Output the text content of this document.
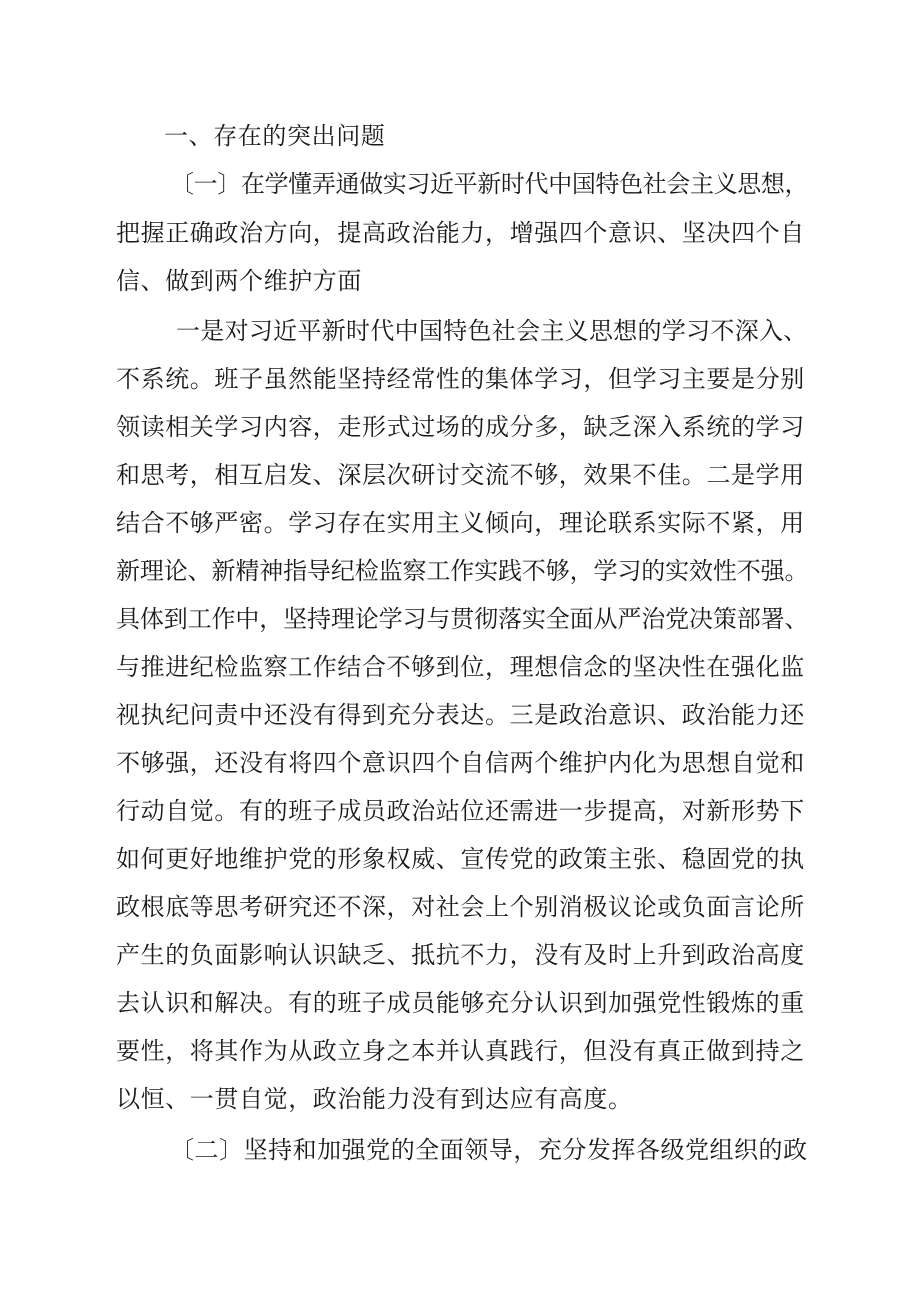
一、存在的突出问题

〔一〕在学懂弄通做实习近平新时代中国特色社会主义思想，

把握正确政治方向，提高政治能力，增强四个意识、坚决四个自

信、做到两个维护方面

一是对习近平新时代中国特色社会主义思想的学习不深入、

不系统。班子虽然能坚持经常性的集体学习，但学习主要是分别

领读相关学习内容，走形式过场的成分多，缺乏深入系统的学习

和思考，相互启发、深层次研讨交流不够，效果不佳。二是学用

结合不够严密。学习存在实用主义倾向，理论联系实际不紧，用

新理论、新精神指导纪检监察工作实践不够，学习的实效性不强。

具体到工作中，坚持理论学习与贯彻落实全面从严治党决策部署、

与推进纪检监察工作结合不够到位，理想信念的坚决性在强化监

视执纪问责中还没有得到充分表达。三是政治意识、政治能力还

不够强，还没有将四个意识四个自信两个维护内化为思想自觉和

行动自觉。有的班子成员政治站位还需进一步提高，对新形势下

如何更好地维护党的形象权威、宣传党的政策主张、稳固党的执

政根底等思考研究还不深，对社会上个别消极议论或负面言论所

产生的负面影响认识缺乏、抵抗不力，没有及时上升到政治高度

去认识和解决。有的班子成员能够充分认识到加强党性锻炼的重

要性，将其作为从政立身之本并认真践行，但没有真正做到持之

以恒、一贯自觉，政治能力没有到达应有高度。

〔二〕坚持和加强党的全面领导，充分发挥各级党组织的政
